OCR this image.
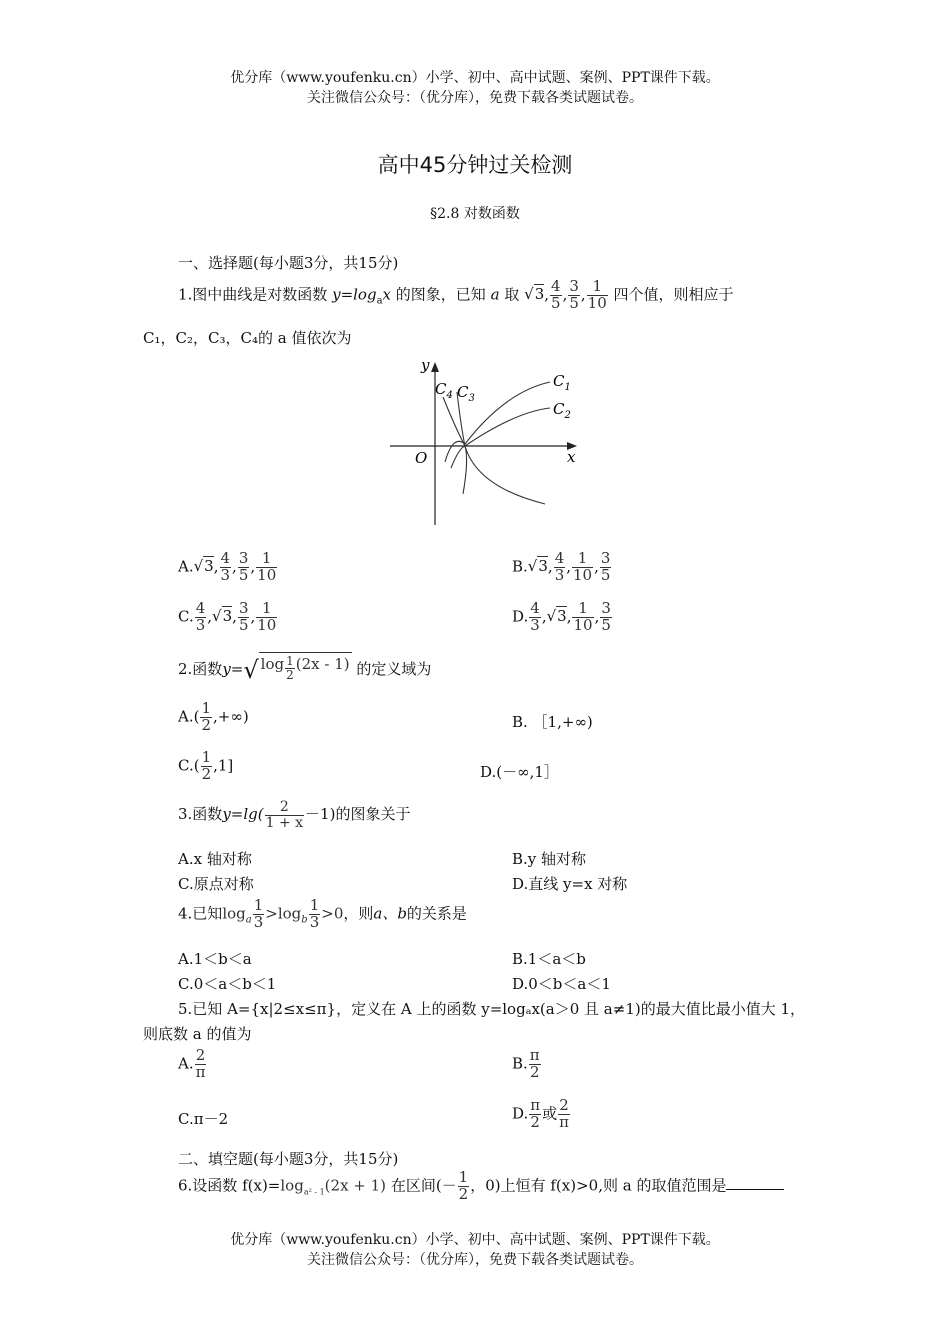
优分库（www.youfenku.cn）小学、初中、高中试题、案例、PPT课件下载。
关注微信公众号：（优分库），免费下载各类试题试卷。
高中45分钟过关检测
§2.8 对数函数
一、选择题(每小题3分，共15分)
1.图中曲线是对数函数 $y=\log_ax$ 的图象，已知 a 取 √3, $\frac{4}{5}$ , $\frac{3}{5}$ , $\frac{1}{10}$ 四个值，则相应于
C₁，C₂，C₃，C₄的 a 值依次为
y
x
O
$C_1$
$C_2$
$C_3$
$C_4$
A.√3, $\frac{4}{3}$ , $\frac{3}{5}$ , $\frac{1}{10}$	B.√3, $\frac{4}{3}$ , $\frac{1}{10}$ , $\frac{3}{5}$
C. $\frac{4}{3} ,√3$, $\frac{3}{5}$ , $\frac{1}{10}$	D. $\frac{4}{3} ,√3$, $\frac{1}{10}$ , $\frac{3}{5}$
2.函数y=√ $\log \frac{1}{2} (2x - 1)$ 的定义域为
$A.( \frac{1}{2}$ ,+∞)	B. ［1,+∞)
$C.( \frac{1}{2} ,1]$	D.(－∞,1］
3.函数$y=\lg( \frac{2}{1 + x} -1)$的图象关于
A.x 轴对称	B.y 轴对称
C.原点对称	D.直线 y=x 对称
4.已知$\log_a \frac{1}{3} >\log_b \frac{1}{3} >0$，则a、b的关系是
A.1＜b＜a	B.1＜a＜b
C.0＜a＜b＜1	D.0＜b＜a＜1
5.已知 A={x|2≤x≤π}，定义在 A 上的函数 y=logₐx(a＞0 且 a≠1)的最大值比最小值大 1，
则底数 a 的值为
A. $\frac{2}{\pi}$	B. $\frac{\pi}{2}$
C.π－2	D. $\frac{\pi}{2}$ 或 $\frac{2}{\pi}$
二、填空题(每小题3分，共15分)
6.设函数 $f(x)=\log_{a^2 - 1}(2x + 1)$ 在区间(－ $\frac{1}{2}$ ，0)上恒有 f(x)>0,则 a 的取值范围是
优分库（www.youfenku.cn）小学、初中、高中试题、案例、PPT课件下载。
关注微信公众号：（优分库），免费下载各类试题试卷。
